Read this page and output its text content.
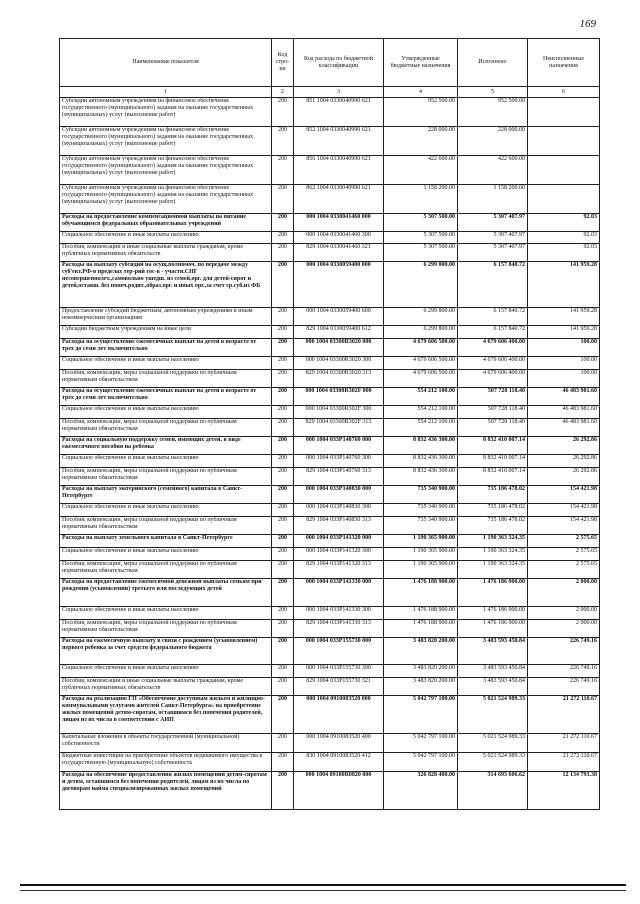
169
Наименование показателя	Код стро-ки	Код расхода по бюджетной классификации	Утвержденные бюджетные назначения	Исполнено	Неисполненные назначения
1	2	3	4	5	6
Субсидии автономным учреждениям на финансовое обеспечение государственного (муниципального) задания на оказание государственных (муниципальных) услуг (выполнение работ)	200	851 1004 0330040990 621	952 500.00	952 500.00	
Субсидии автономным учреждениям на финансовое обеспечение государственного (муниципального) задания на оказание государственных (муниципальных) услуг (выполнение работ)	200	852 1004 0330040990 621	228 000.00	228 000.00	
Субсидии автономным учреждениям на финансовое обеспечение государственного (муниципального) задания на оказание государственных (муниципальных) услуг (выполнение работ)	200	856 1004 0330040990 621	422 600.00	422 600.00	
Субсидии автономным учреждениям на финансовое обеспечение государственного (муниципального) задания на оказание государственных (муниципальных) услуг (выполнение работ)	200	862 1004 0330040990 621	1 158 200.00	1 158 200.00	
Расходы на предоставление компенсационной выплаты на питание обучающимся федеральных образовательных учреждений	200	000 1004 0330041460 000	5 307 500.00	5 307 407.97	92.03
Социальное обеспечение и иные выплаты населению	200	000 1004 0330041460 300	5 307 500.00	5 307 407.97	92.03
Пособия, компенсации и иные социальные выплаты гражданам, кроме публичных нормативных обязательств	200	829 1004 0330041460 321	5 307 500.00	5 307 407.97	92.03
Расходы на выплату субсидий на осущ.полномоч. по передаче между суб'ект.РФ-в пределах тер-рий гос-в - участн.СНГ несовершеннолет.,самовольно ушедш. из семей,орг. для детей-сирот и детей,оставш. без попеч.родит.,образ.орг. и иных орг.,за счет ср.суб.из ФБ	200	000 1004 0330059400 000	6 299 800.00	6 157 840.72	141 959.28
Предоставление субсидий бюджетным, автономным учреждениям и иным некоммерческим организациям	200	000 1004 0330059400 600	6 299 800.00	6 157 840.72	141 959.28
Субсидии бюджетным учреждениям на иные цели	200	829 1004 0330059400 612	6 299 800.00	6 157 840.72	141 959.28
Расходы на осуществление ежемесячных выплат на детей в возрасте от трех до семи лет включительно	200	000 1004 03300R3020 000	4 679 606 500.00	4 679 606 400.00	100.00
Социальное обеспечение и иные выплаты населению	200	000 1004 03300R3020 300	4 679 606 500.00	4 679 606 400.00	100.00
Пособия, компенсации, меры социальной поддержки по публичным нормативным обязательствам	200	829 1004 03300R3020 313	4 679 606 500.00	4 679 606 400.00	100.00
Расходы на осуществление ежемесячных выплат на детей в возрасте от трех до семи лет включительно	200	000 1004 03300R302F 000	554 212 100.00	507 728 118.40	46 483 981.60
Социальное обеспечение и иные выплаты населению	200	000 1004 03300R302F 300	554 212 100.00	507 728 118.40	46 483 981.60
Пособия, компенсации, меры социальной поддержки по публичным нормативным обязательствам	200	829 1004 03300R302F 313	554 212 100.00	507 728 118.40	46 483 981.60
Расходы на социальную поддержку семей, имеющих детей, в виде ежемесячного пособия на ребенка	200	000 1004 033P140760 000	8 832 436 300.00	8 832 410 007.14	26 292.86
Социальное обеспечение и иные выплаты населению	200	000 1004 033P140760 300	8 832 436 300.00	8 832 410 007.14	26 292.86
Пособия, компенсации, меры социальной поддержки по публичным нормативным обязательствам	200	829 1004 033P140760 313	8 832 436 300.00	8 832 410 007.14	26 292.86
Расходы на выплату материнского (семейного) капитала в Санкт-Петербурге	200	000 1004 033P140830 000	735 340 900.00	735 186 478.02	154 421.98
Социальное обеспечение и иные выплаты населению	200	000 1004 033P140830 300	735 340 900.00	735 186 478.02	154 421.98
Пособия, компенсации, меры социальной поддержки по публичным нормативным обязательствам	200	829 1004 033P140830 313	735 340 900.00	735 186 478.02	154 421.98
Расходы на выплату земельного капитала в Санкт-Петербурге	200	000 1004 033P141320 000	1 190 365 900.00	1 190 363 324.35	2 575.65
Социальное обеспечение и иные выплаты населению	200	000 1004 033P141320 300	1 190 365 900.00	1 190 363 324.35	2 575.65
Пособия, компенсации, меры социальной поддержки по публичным нормативным обязательствам	200	829 1004 033P141320 313	1 190 365 900.00	1 190 363 324.35	2 575.65
Расходы на предоставление ежемесячной денежной выплаты семьям при рождении (усыновлении) третьего или последующих детей	200	000 1004 033P141330 000	1 476 188 900.00	1 476 186 900.00	2 000.00
Социальное обеспечение и иные выплаты населению	200	000 1004 033P141330 300	1 476 188 900.00	1 476 186 900.00	2 000.00
Пособия, компенсации, меры социальной поддержки по публичным нормативным обязательствам	200	829 1004 033P141330 313	1 476 188 900.00	1 476 186 900.00	2 000.00
Расходы на ежемесячную выплату в связи с рождением (усыновлением) первого ребенка за счет средств федерального бюджета	200	000 1004 033P155730 000	3 483 820 200.00	3 483 593 450.84	226 749.16
Социальное обеспечение и иные выплаты населению	200	000 1004 033P155730 300	3 483 820 200.00	3 483 593 450.84	226 749.16
Пособия, компенсации и иные социальные выплаты гражданам, кроме публичных нормативных обязательств	200	829 1004 033P155730 321	3 483 820 200.00	3 483 593 450.84	226 749.16
Расходы на реализацию ГП «Обеспечение доступным жильем и жилищно-коммунальными услугами жителей Санкт-Петербурга» на приобретение жилых помещений детям-сиротам, оставшимся без попечения родителей, лицам из их числа в соответствии с АИП	200	000 1004 0910083520 000	5 042 797 100.00	5 021 524 989.33	21 272 110.67
Капитальные вложения в объекты государственной (муниципальной) собственности	200	000 1004 0910083520 400	5 042 797 100.00	5 021 524 989.33	21 272 110.67
Бюджетные инвестиции на приобретение объектов недвижимого имущества в государственную (муниципальную) собственность	200	830 1004 0910083520 412	5 042 797 100.00	5 021 524 989.33	21 272 110.67
Расходы на обеспечение предоставления жилых помещений детям-сиротам и детям, оставшимся без попечения родителей, лицам из их числа по договорам найма специализированных жилых помещений	200	000 1004 09100R0820 000	326 828 400.00	314 693 606.62	12 134 793.38
